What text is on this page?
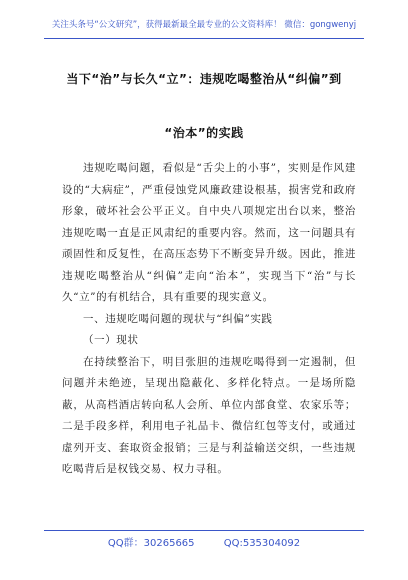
关注头条号“公文研究”，获得最新最全最专业的公文资料库！ 微信：gongwenyj
当下“治”与长久“立”：违规吃喝整治从“纠偏”到
“治本”的实践

违规吃喝问题，看似是“舌尖上的小事”，实则是作风建设的“大病症”，严重侵蚀党风廉政建设根基，损害党和政府形象，破坏社会公平正义。自中央八项规定出台以来，整治违规吃喝一直是正风肃纪的重要内容。然而，这一问题具有顽固性和反复性，在高压态势下不断变异升级。因此，推进违规吃喝整治从“纠偏”走向“治本”，实现当下“治”与长久“立”的有机结合，具有重要的现实意义。

一、违规吃喝问题的现状与“纠偏”实践

（一）现状

在持续整治下，明目张胆的违规吃喝得到一定遏制，但问题并未绝迹，呈现出隐蔽化、多样化特点。一是场所隐蔽，从高档酒店转向私人会所、单位内部食堂、农家乐等；二是手段多样，利用电子礼品卡、微信红包等支付，或通过虚列开支、套取资金报销；三是与利益输送交织，一些违规吃喝背后是权钱交易、权力寻租。

QQ群：30265665	QQ:535304092
